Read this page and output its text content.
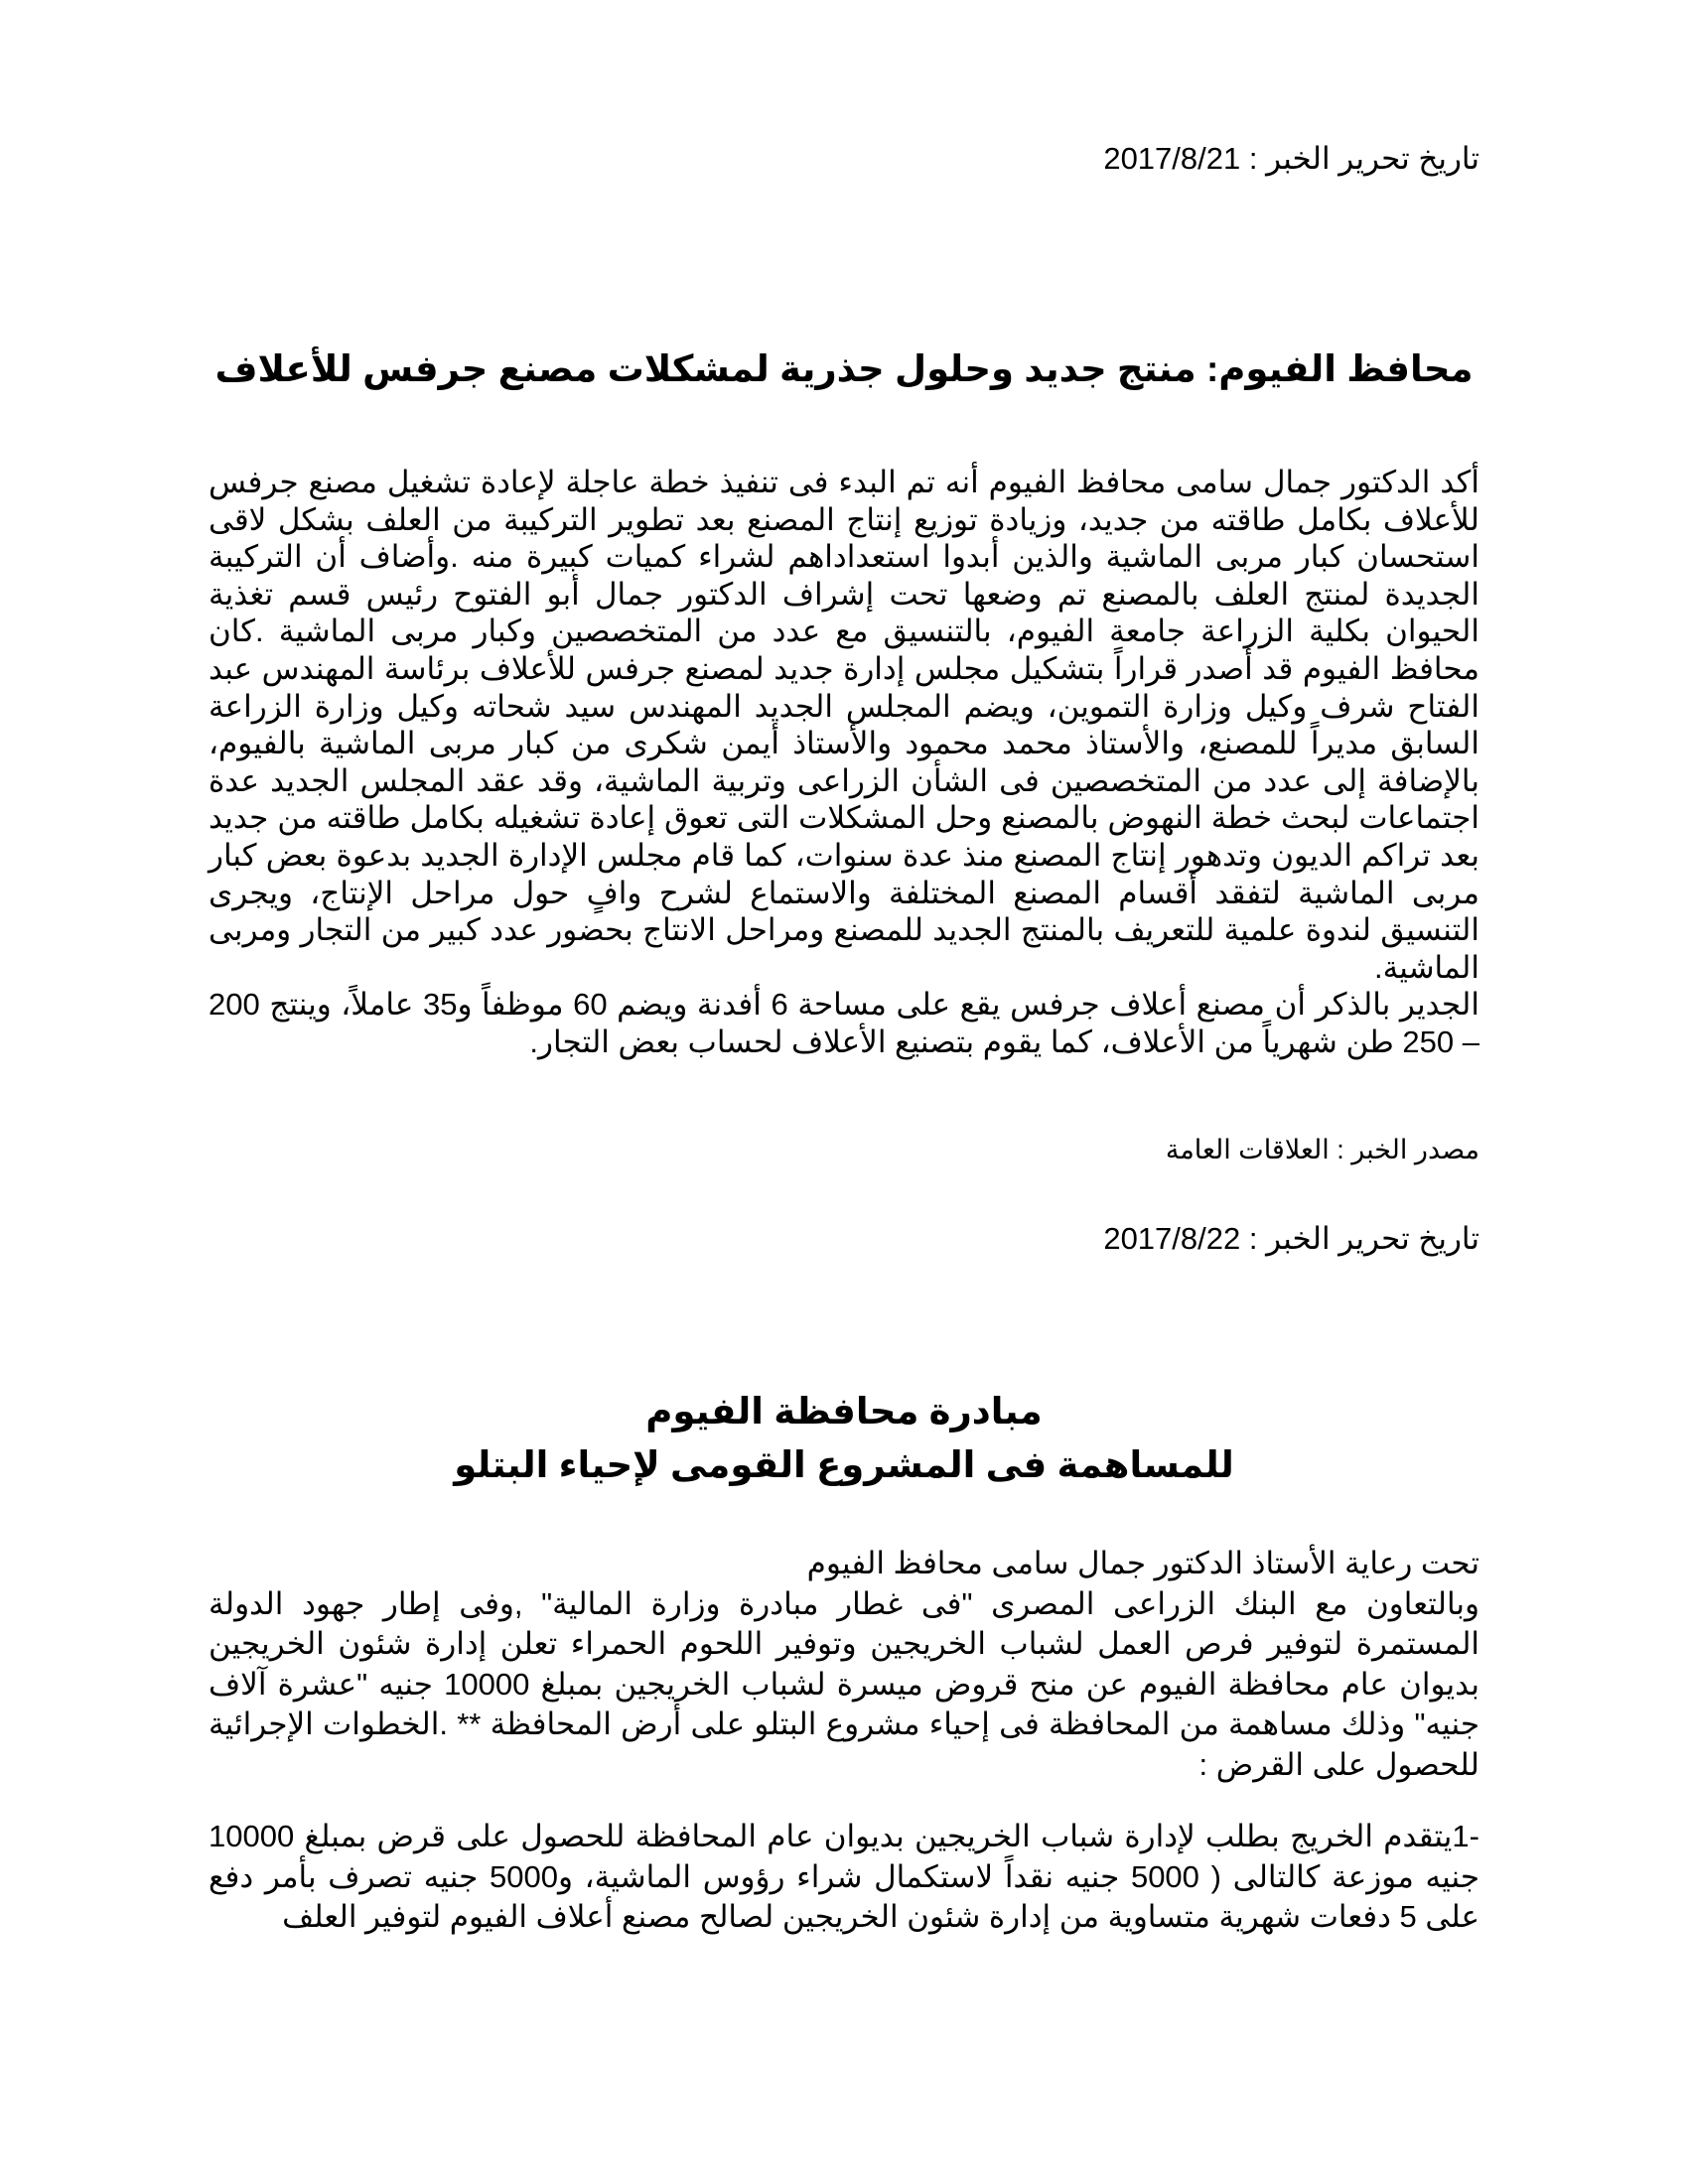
تاريخ تحرير الخبر : 2017/8/21
محافظ الفيوم: منتج جديد وحلول جذرية لمشكلات مصنع جرفس للأعلاف
أكد الدكتور جمال سامى محافظ الفيوم أنه تم البدء فى تنفيذ خطة عاجلة لإعادة تشغيل مصنع جرفس للأعلاف بكامل طاقته من جديد، وزيادة توزيع إنتاج المصنع بعد تطوير التركيبة من العلف بشكل لاقى استحسان كبار مربى الماشية والذين أبدوا استعداداهم لشراء كميات كبيرة منه .وأضاف أن التركيبة الجديدة لمنتج العلف بالمصنع تم وضعها تحت إشراف الدكتور جمال أبو الفتوح رئيس قسم تغذية الحيوان بكلية الزراعة جامعة الفيوم، بالتنسيق مع عدد من المتخصصين وكبار مربى الماشية .كان محافظ الفيوم قد أصدر قراراً بتشكيل مجلس إدارة جديد لمصنع جرفس للأعلاف برئاسة المهندس عبد الفتاح شرف وكيل وزارة التموين، ويضم المجلس الجديد المهندس سيد شحاته وكيل وزارة الزراعة السابق مديراً للمصنع، والأستاذ محمد محمود والأستاذ أيمن شكرى من كبار مربى الماشية بالفيوم، بالإضافة إلى عدد من المتخصصين فى الشأن الزراعى وتربية الماشية، وقد عقد المجلس الجديد عدة اجتماعات لبحث خطة النهوض بالمصنع وحل المشكلات التى تعوق إعادة تشغيله بكامل طاقته من جديد بعد تراكم الديون وتدهور إنتاج المصنع منذ عدة سنوات، كما قام مجلس الإدارة الجديد بدعوة بعض كبار مربى الماشية لتفقد أقسام المصنع المختلفة والاستماع لشرح وافٍ حول مراحل الإنتاج، ويجرى التنسيق لندوة علمية للتعريف بالمنتج الجديد للمصنع ومراحل الانتاج بحضور عدد كبير من التجار ومربى الماشية.
الجدير بالذكر أن مصنع أعلاف جرفس يقع على مساحة 6 أفدنة ويضم 60 موظفاً و35 عاملاً، وينتج 200 – 250 طن شهرياً من الأعلاف، كما يقوم بتصنيع الأعلاف لحساب بعض التجار.
مصدر الخبر : العلاقات العامة
تاريخ تحرير الخبر : 2017/8/22
مبادرة محافظة الفيوم
للمساهمة فى المشروع القومى لإحياء البتلو
تحت رعاية الأستاذ الدكتور جمال سامى محافظ الفيوم
وبالتعاون مع البنك الزراعى المصرى "فى غطار مبادرة وزارة المالية" ,وفى إطار جهود الدولة المستمرة لتوفير فرص العمل لشباب الخريجين وتوفير اللحوم الحمراء تعلن إدارة شئون الخريجين بديوان عام محافظة الفيوم عن منح قروض ميسرة لشباب الخريجين بمبلغ 10000 جنيه "عشرة آلاف جنيه" وذلك مساهمة من المحافظة فى إحياء مشروع البتلو على أرض المحافظة ** .الخطوات الإجرائية للحصول على القرض :
-1يتقدم الخريج بطلب لإدارة شباب الخريجين بديوان عام المحافظة للحصول على قرض بمبلغ 10000 جنيه موزعة كالتالى ( 5000 جنيه نقداً لاستكمال شراء رؤوس الماشية، و5000 جنيه تصرف بأمر دفع على 5 دفعات شهرية متساوية من إدارة شئون الخريجين لصالح مصنع أعلاف الفيوم لتوفير العلف
